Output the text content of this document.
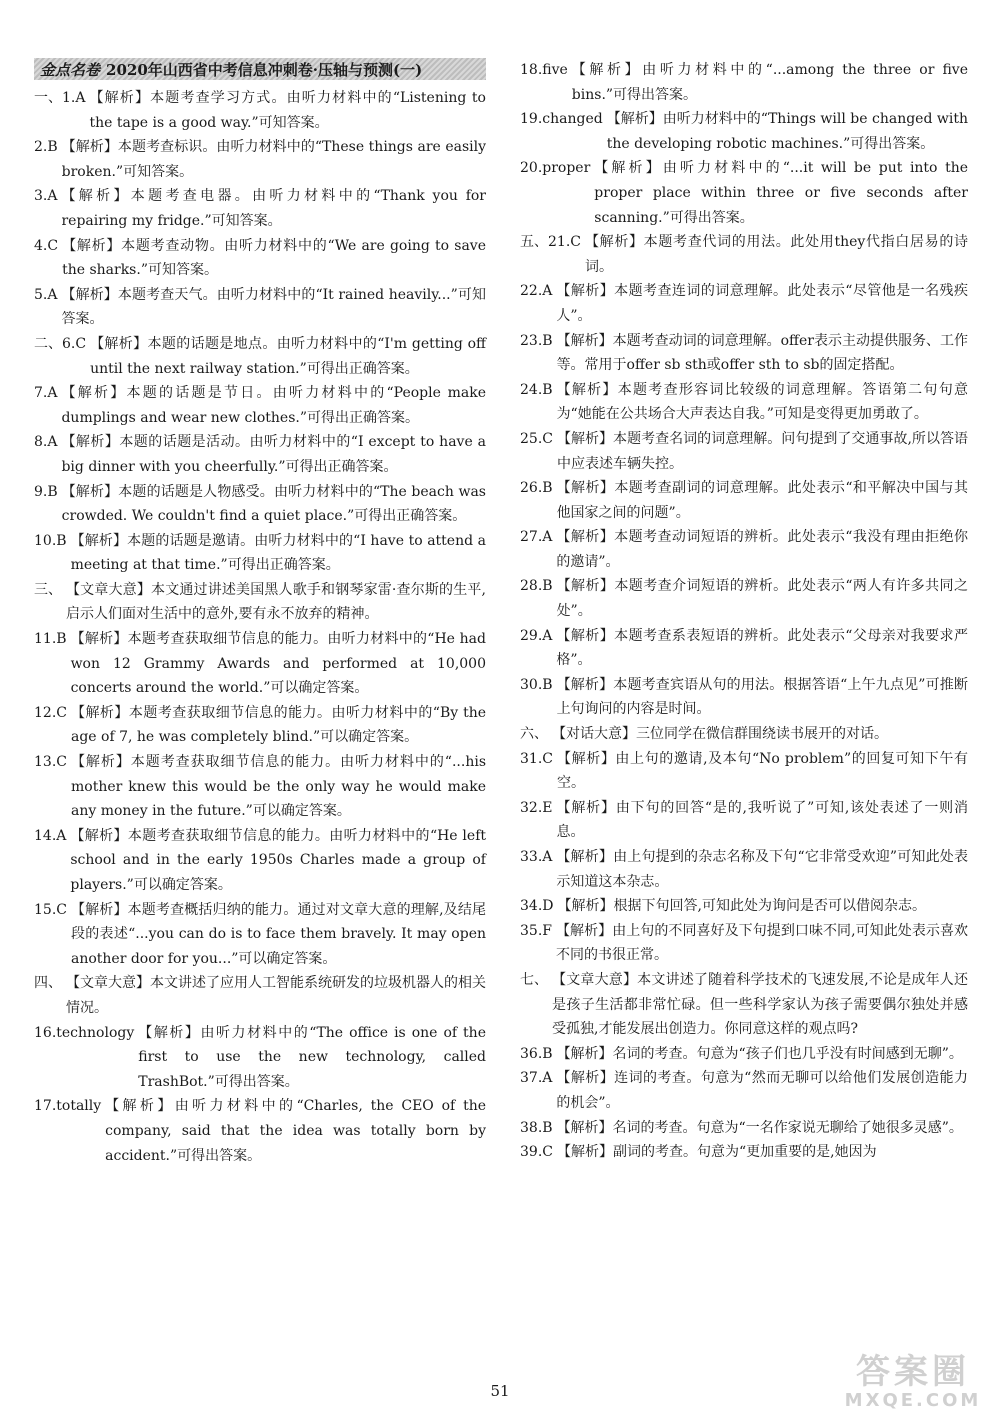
金点名卷 2020年山西省中考信息冲刺卷·压轴与预测(一)
一、1.A 【解析】本题考查学习方式。由听力材料中的“Listening to the tape is a good way.”可知答案。
2.B 【解析】本题考查标识。由听力材料中的“These things are easily broken.”可知答案。
3.A 【解析】本题考查电器。由听力材料中的“Thank you for repairing my fridge.”可知答案。
4.C 【解析】本题考查动物。由听力材料中的“We are going to save the sharks.”可知答案。
5.A 【解析】本题考查天气。由听力材料中的“It rained heavily...”可知答案。
二、6.C 【解析】本题的话题是地点。由听力材料中的“I'm getting off until the next railway station.”可得出正确答案。
7.A 【解析】本题的话题是节日。由听力材料中的“People make dumplings and wear new clothes.”可得出正确答案。
8.A 【解析】本题的话题是活动。由听力材料中的“I except to have a big dinner with you cheerfully.”可得出正确答案。
9.B 【解析】本题的话题是人物感受。由听力材料中的“The beach was crowded. We couldn't find a quiet place.”可得出正确答案。
10.B 【解析】本题的话题是邀请。由听力材料中的“I have to attend a meeting at that time.”可得出正确答案。
三、 【文章大意】本文通过讲述美国黑人歌手和钢琴家雷·查尔斯的生平,启示人们面对生活中的意外,要有永不放弃的精神。
11.B 【解析】本题考查获取细节信息的能力。由听力材料中的“He had won 12 Grammy Awards and performed at 10,000 concerts around the world.”可以确定答案。
12.C 【解析】本题考查获取细节信息的能力。由听力材料中的“By the age of 7, he was completely blind.”可以确定答案。
13.C 【解析】本题考查获取细节信息的能力。由听力材料中的“...his mother knew this would be the only way he would make any money in the future.”可以确定答案。
14.A 【解析】本题考查获取细节信息的能力。由听力材料中的“He left school and in the early 1950s Charles made a group of players.”可以确定答案。
15.C 【解析】本题考查概括归纳的能力。通过对文章大意的理解,及结尾段的表述“...you can do is to face them bravely. It may open another door for you...”可以确定答案。
四、 【文章大意】本文讲述了应用人工智能系统研发的垃圾机器人的相关情况。
16.technology 【解析】由听力材料中的“The office is one of the first to use the new technology, called TrashBot.”可得出答案。
17.totally 【解析】由听力材料中的“Charles, the CEO of the company, said that the idea was totally born by accident.”可得出答案。
18.five 【解析】由听力材料中的“...among the three or five bins.”可得出答案。
19.changed 【解析】由听力材料中的“Things will be changed with the developing robotic machines.”可得出答案。
20.proper 【解析】由听力材料中的“...it will be put into the proper place within three or five seconds after scanning.”可得出答案。
五、21.C 【解析】本题考查代词的用法。此处用they代指白居易的诗词。
22.A 【解析】本题考查连词的词意理解。此处表示“尽管他是一名残疾人”。
23.B 【解析】本题考查动词的词意理解。offer表示主动提供服务、工作等。常用于offer sb sth或offer sth to sb的固定搭配。
24.B 【解析】本题考查形容词比较级的词意理解。答语第二句句意为“她能在公共场合大声表达自我。”可知是变得更加勇敢了。
25.C 【解析】本题考查名词的词意理解。问句提到了交通事故,所以答语中应表述车辆失控。
26.B 【解析】本题考查副词的词意理解。此处表示“和平解决中国与其他国家之间的问题”。
27.A 【解析】本题考查动词短语的辨析。此处表示“我没有理由拒绝你的邀请”。
28.B 【解析】本题考查介词短语的辨析。此处表示“两人有许多共同之处”。
29.A 【解析】本题考查系表短语的辨析。此处表示“父母亲对我要求严格”。
30.B 【解析】本题考查宾语从句的用法。根据答语“上午九点见”可推断上句询问的内容是时间。
六、 【对话大意】三位同学在微信群围绕读书展开的对话。
31.C 【解析】由上句的邀请,及本句“No problem”的回复可知下午有空。
32.E 【解析】由下句的回答“是的,我听说了”可知,该处表述了一则消息。
33.A 【解析】由上句提到的杂志名称及下句“它非常受欢迎”可知此处表示知道这本杂志。
34.D 【解析】根据下句回答,可知此处为询问是否可以借阅杂志。
35.F 【解析】由上句的不同喜好及下句提到口味不同,可知此处表示喜欢不同的书很正常。
七、 【文章大意】本文讲述了随着科学技术的飞速发展,不论是成年人还是孩子生活都非常忙碌。但一些科学家认为孩子需要偶尔独处并感受孤独,才能发展出创造力。你同意这样的观点吗?
36.B 【解析】名词的考查。句意为“孩子们也几乎没有时间感到无聊”。
37.A 【解析】连词的考查。句意为“然而无聊可以给他们发展创造能力的机会”。
38.B 【解析】名词的考查。句意为“一名作家说无聊给了她很多灵感”。
39.C 【解析】副词的考查。句意为“更加重要的是,她因为
51	答案圈
MXQE.COM
